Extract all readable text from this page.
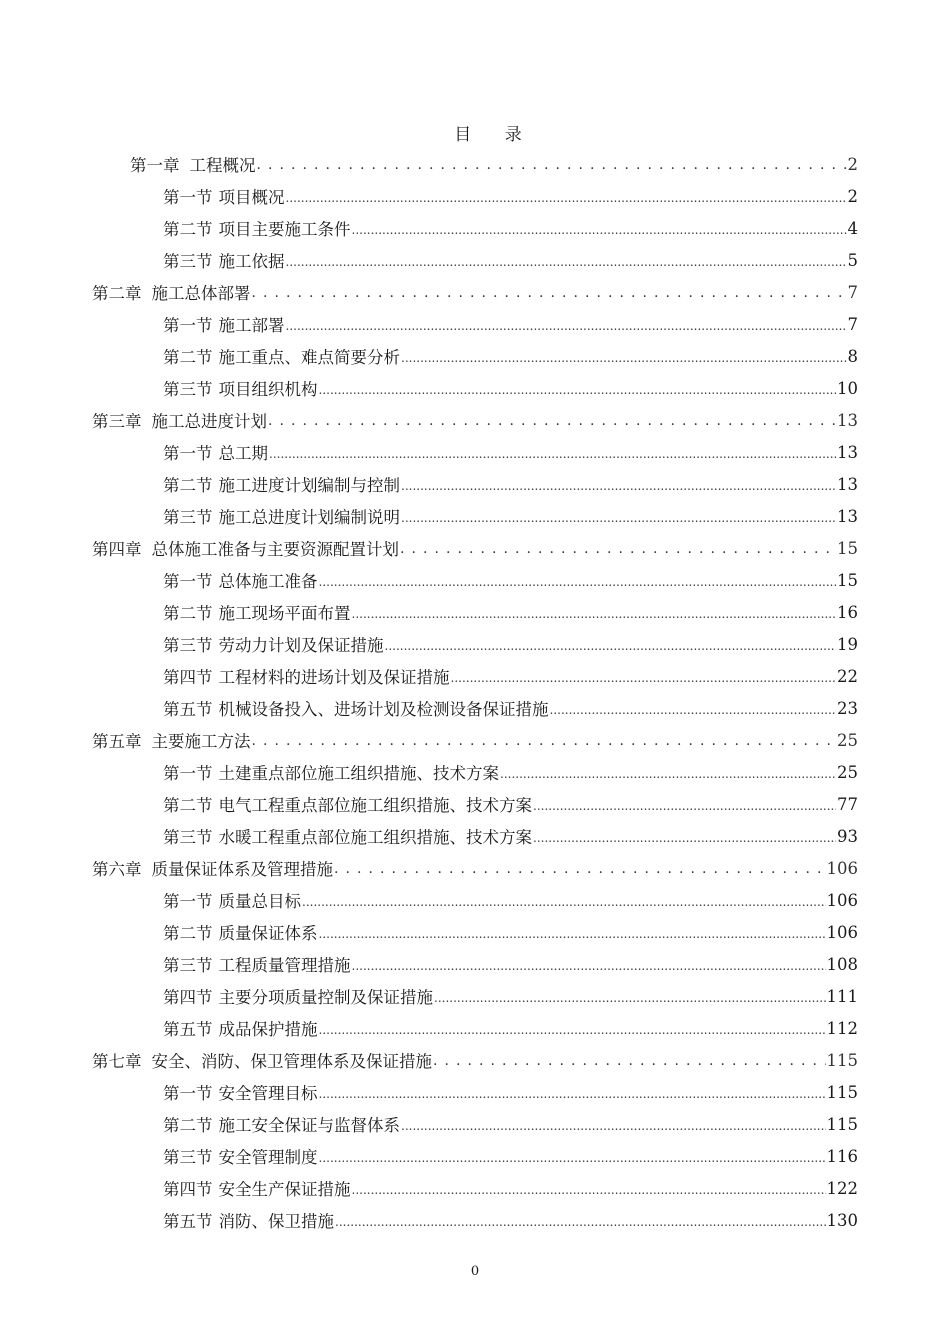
目 录
第一章 工程概况 . . .	2
第一节 项目概况 .....	2
第二节 项目主要施工条件 .....	4
第三节 施工依据 .....	5
第二章 施工总体部署 . . .	7
第一节 施工部署 .....	7
第二节 施工重点、难点简要分析 .....	8
第三节 项目组织机构 .....	10
第三章 施工总进度计划 . . .	13
第一节 总工期 .....	13
第二节 施工进度计划编制与控制 .....	13
第三节 施工总进度计划编制说明 .....	13
第四章 总体施工准备与主要资源配置计划 . . .	15
第一节 总体施工准备 .....	15
第二节 施工现场平面布置 .....	16
第三节 劳动力计划及保证措施 .....	19
第四节 工程材料的进场计划及保证措施 .....	22
第五节 机械设备投入、进场计划及检测设备保证措施 .....	23
第五章 主要施工方法 . . .	25
第一节 土建重点部位施工组织措施、技术方案 .....	25
第二节 电气工程重点部位施工组织措施、技术方案 .....	77
第三节 水暖工程重点部位施工组织措施、技术方案 .....	93
第六章 质量保证体系及管理措施 . . .	106
第一节 质量总目标 .....	106
第二节 质量保证体系 .....	106
第三节 工程质量管理措施 .....	108
第四节 主要分项质量控制及保证措施 .....	111
第五节 成品保护措施 .....	112
第七章 安全、消防、保卫管理体系及保证措施 . . .	115
第一节 安全管理目标 .....	115
第二节 施工安全保证与监督体系 .....	115
第三节 安全管理制度 .....	116
第四节 安全生产保证措施 .....	122
第五节 消防、保卫措施 .....	130
0
